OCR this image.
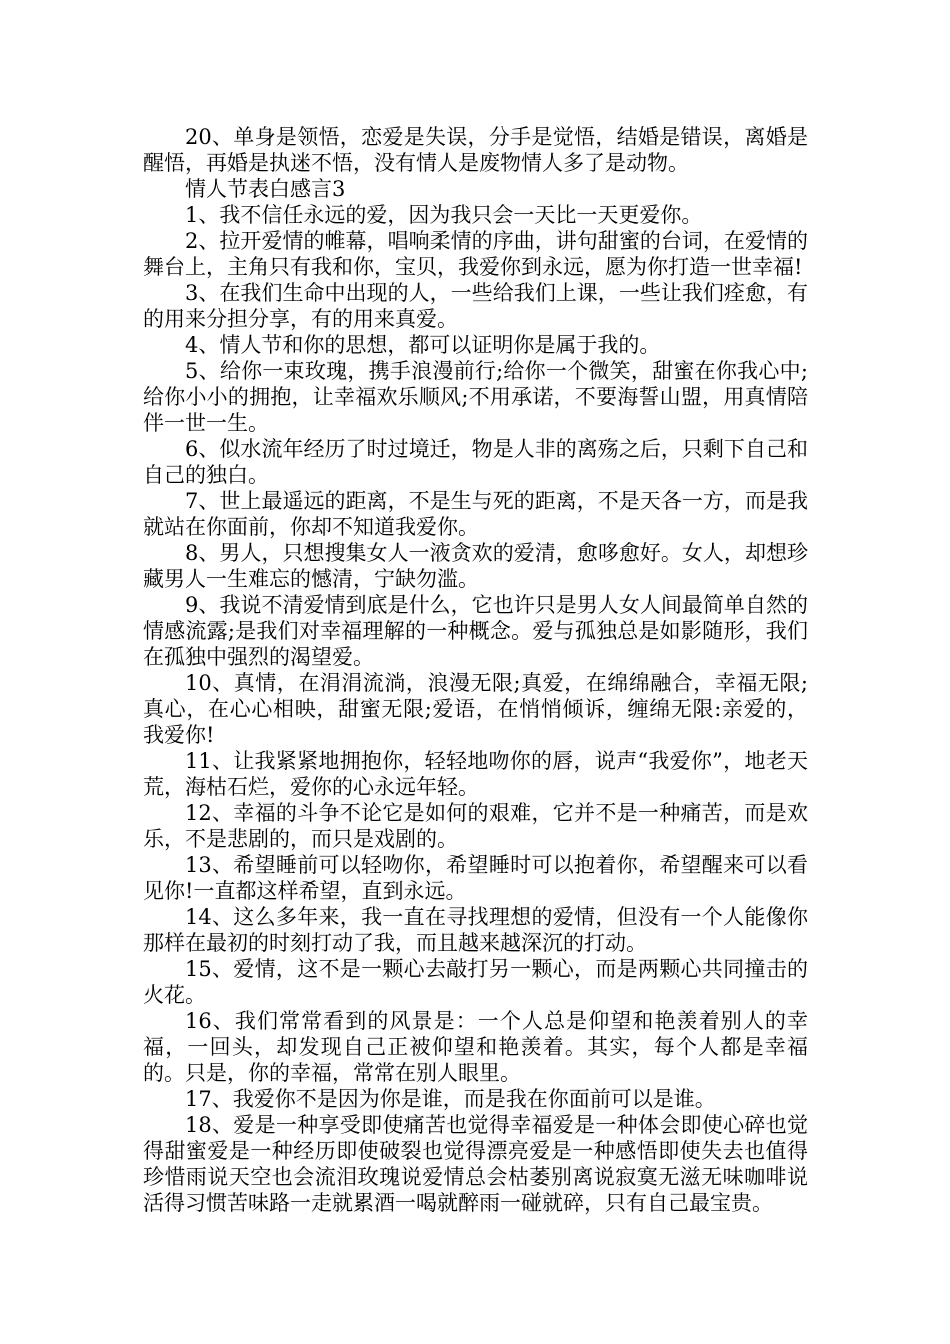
20、单身是领悟，恋爱是失误，分手是觉悟，结婚是错误，离婚是醒悟，再婚是执迷不悟，没有情人是废物情人多了是动物。

情人节表白感言3

1、我不信任永远的爱，因为我只会一天比一天更爱你。

2、拉开爱情的帷幕，唱响柔情的序曲，讲句甜蜜的台词，在爱情的舞台上，主角只有我和你，宝贝，我爱你到永远，愿为你打造一世幸福!

3、在我们生命中出现的人，一些给我们上课，一些让我们痊愈，有的用来分担分享，有的用来真爱。

4、情人节和你的思想，都可以证明你是属于我的。

5、给你一束玫瑰，携手浪漫前行;给你一个微笑，甜蜜在你我心中;给你小小的拥抱，让幸福欢乐顺风;不用承诺，不要海誓山盟，用真情陪伴一世一生。

6、似水流年经历了时过境迁，物是人非的离殇之后，只剩下自己和自己的独白。

7、世上最遥远的距离，不是生与死的距离，不是天各一方，而是我就站在你面前，你却不知道我爱你。

8、男人，只想搜集女人一液贪欢的爱清，愈哆愈好。女人，却想珍藏男人一生难忘的憾清，宁缺勿滥。

9、我说不清爱情到底是什么，它也许只是男人女人间最简单自然的情感流露;是我们对幸福理解的一种概念。爱与孤独总是如影随形，我们在孤独中强烈的渴望爱。

10、真情，在涓涓流淌，浪漫无限;真爱，在绵绵融合，幸福无限;真心，在心心相映，甜蜜无限;爱语，在悄悄倾诉，缠绵无限:亲爱的，我爱你!

11、让我紧紧地拥抱你，轻轻地吻你的唇，说声“我爱你”，地老天荒，海枯石烂，爱你的心永远年轻。

12、幸福的斗争不论它是如何的艰难，它并不是一种痛苦，而是欢乐，不是悲剧的，而只是戏剧的。

13、希望睡前可以轻吻你，希望睡时可以抱着你，希望醒来可以看见你!一直都这样希望，直到永远。

14、这么多年来，我一直在寻找理想的爱情，但没有一个人能像你那样在最初的时刻打动了我，而且越来越深沉的打动。

15、爱情，这不是一颗心去敲打另一颗心，而是两颗心共同撞击的火花。

16、我们常常看到的风景是：一个人总是仰望和艳羡着别人的幸福，一回头，却发现自己正被仰望和艳羡着。其实，每个人都是幸福的。只是，你的幸福，常常在别人眼里。

17、我爱你不是因为你是谁，而是我在你面前可以是谁。

18、爱是一种享受即使痛苦也觉得幸福爱是一种体会即使心碎也觉得甜蜜爱是一种经历即使破裂也觉得漂亮爱是一种感悟即使失去也值得珍惜雨说天空也会流泪玫瑰说爱情总会枯萎别离说寂寞无滋无味咖啡说活得习惯苦味路一走就累酒一喝就醉雨一碰就碎，只有自己最宝贵。
